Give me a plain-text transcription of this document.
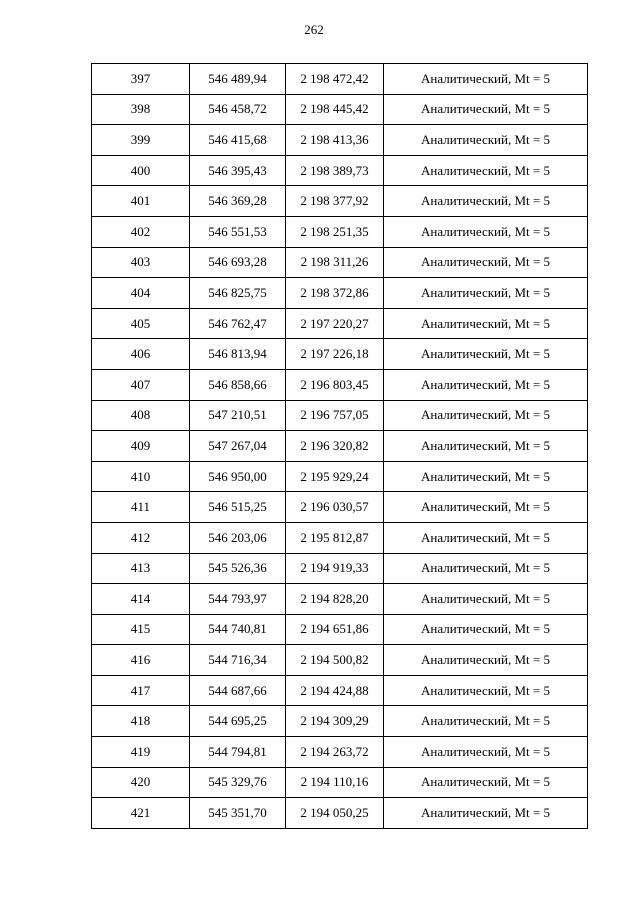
262
397	546 489,94	2 198 472,42	Аналитический, Mt = 5
398	546 458,72	2 198 445,42	Аналитический, Mt = 5
399	546 415,68	2 198 413,36	Аналитический, Mt = 5
400	546 395,43	2 198 389,73	Аналитический, Mt = 5
401	546 369,28	2 198 377,92	Аналитический, Mt = 5
402	546 551,53	2 198 251,35	Аналитический, Mt = 5
403	546 693,28	2 198 311,26	Аналитический, Mt = 5
404	546 825,75	2 198 372,86	Аналитический, Mt = 5
405	546 762,47	2 197 220,27	Аналитический, Mt = 5
406	546 813,94	2 197 226,18	Аналитический, Mt = 5
407	546 858,66	2 196 803,45	Аналитический, Mt = 5
408	547 210,51	2 196 757,05	Аналитический, Mt = 5
409	547 267,04	2 196 320,82	Аналитический, Mt = 5
410	546 950,00	2 195 929,24	Аналитический, Mt = 5
411	546 515,25	2 196 030,57	Аналитический, Mt = 5
412	546 203,06	2 195 812,87	Аналитический, Mt = 5
413	545 526,36	2 194 919,33	Аналитический, Mt = 5
414	544 793,97	2 194 828,20	Аналитический, Mt = 5
415	544 740,81	2 194 651,86	Аналитический, Mt = 5
416	544 716,34	2 194 500,82	Аналитический, Mt = 5
417	544 687,66	2 194 424,88	Аналитический, Mt = 5
418	544 695,25	2 194 309,29	Аналитический, Mt = 5
419	544 794,81	2 194 263,72	Аналитический, Mt = 5
420	545 329,76	2 194 110,16	Аналитический, Mt = 5
421	545 351,70	2 194 050,25	Аналитический, Mt = 5
